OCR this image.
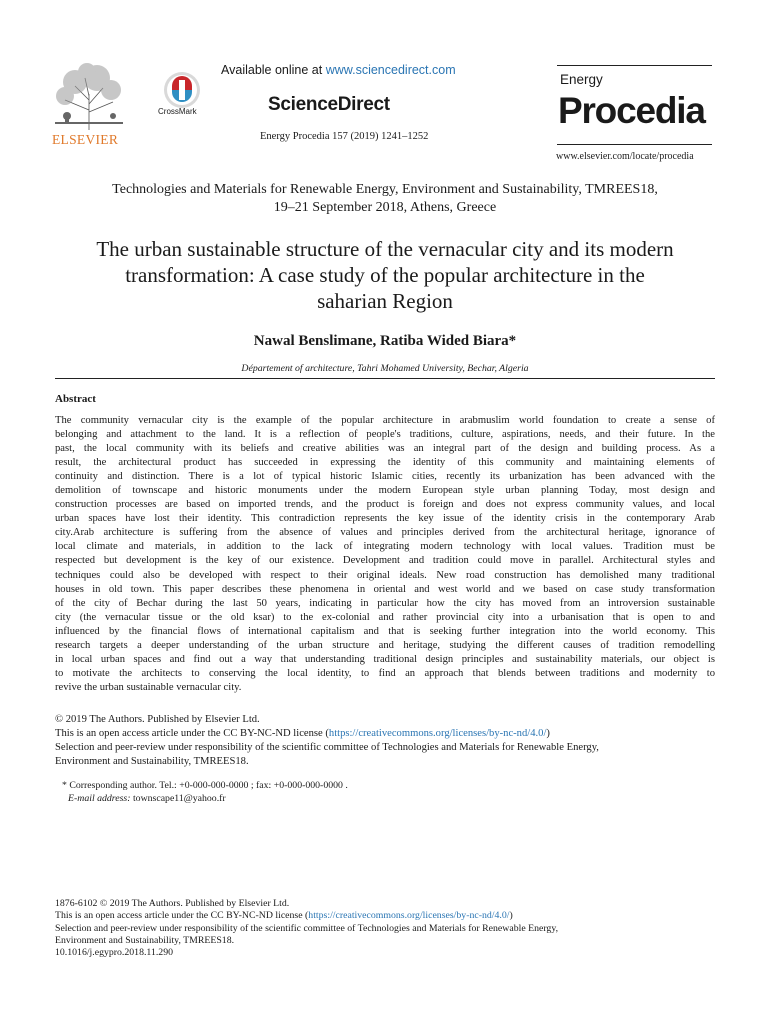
ELSEVIER
CrossMark
Available online at www.sciencedirect.com
ScienceDirect
Energy Procedia 157 (2019) 1241–1252
Energy
Procedia
www.elsevier.com/locate/procedia
Technologies and Materials for Renewable Energy, Environment and Sustainability, TMREES18,
19–21 September 2018, Athens, Greece
The urban sustainable structure of the vernacular city and its modern
transformation: A case study of the popular architecture in the
saharian Region
Nawal Benslimane, Ratiba Wided Biara*
Département of architecture, Tahri Mohamed University, Bechar, Algeria
Abstract
The community vernacular city is the example of the popular architecture in arabmuslim world foundation to create a sense of
belonging and attachment to the land. It is a reflection of people's traditions, culture, aspirations, needs, and their future. In the
past, the local community with its beliefs and creative abilities was an integral part of the design and building process. As a
result, the architectural product has succeeded in expressing the identity of this community and maintaining elements of
continuity and distinction. There is a lot of typical historic Islamic cities, recently its urbanization has been advanced with the
demolition of townscape and historic monuments under the modern European style urban planning Today, most design and
construction processes are based on imported trends, and the product is foreign and does not express community values, and local
urban spaces have lost their identity. This contradiction represents the key issue of the identity crisis in the contemporary Arab
city.Arab architecture is suffering from the absence of values and principles derived from the architectural heritage, ignorance of
local climate and materials, in addition to the lack of integrating modern technology with local values. Tradition must be
respected but development is the key of our existence. Development and tradition could move in parallel. Architectural styles and
techniques could also be developed with respect to their original ideals. New road construction has demolished many traditional
houses in old town. This paper describes these phenomena in oriental and west world and we based on case study transformation
of the city of Bechar during the last 50 years, indicating in particular how the city has moved from an introversion sustainable
city (the vernacular tissue or the old ksar) to the ex-colonial and rather provincial city into a urbanisation that is open to and
influenced by the financial flows of international capitalism and that is seeking further integration into the world economy. This
research targets a deeper understanding of the urban structure and heritage, studying the different causes of tradition remodelling
in local urban spaces and find out a way that understanding traditional design principles and sustainability materials, our object is
to motivate the architects to conserving the local identity, to find an approach that blends between traditions and modernity to
revive the urban sustainable vernacular city.
© 2019 The Authors. Published by Elsevier Ltd.
This is an open access article under the CC BY-NC-ND license (https://creativecommons.org/licenses/by-nc-nd/4.0/)
Selection and peer-review under responsibility of the scientific committee of Technologies and Materials for Renewable Energy,
Environment and Sustainability, TMREES18.
* Corresponding author. Tel.: +0-000-000-0000 ; fax: +0-000-000-0000 .
E-mail address: townscape11@yahoo.fr
1876-6102 © 2019 The Authors. Published by Elsevier Ltd.
This is an open access article under the CC BY-NC-ND license (https://creativecommons.org/licenses/by-nc-nd/4.0/)
Selection and peer-review under responsibility of the scientific committee of Technologies and Materials for Renewable Energy,
Environment and Sustainability, TMREES18.
10.1016/j.egypro.2018.11.290
